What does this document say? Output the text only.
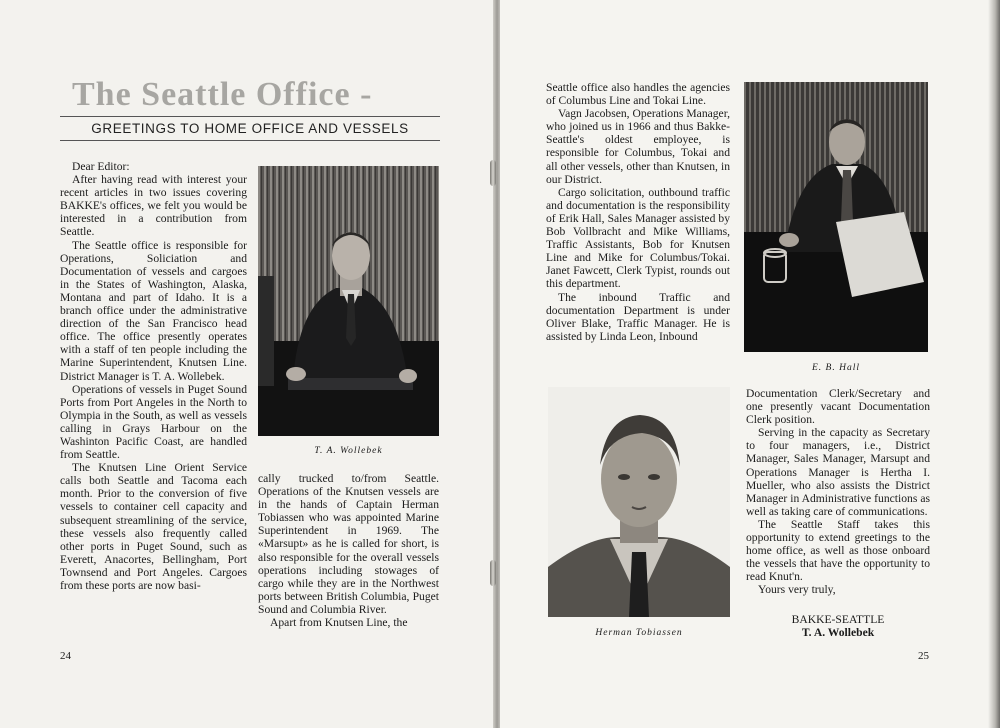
The Seattle Office -
GREETINGS TO HOME OFFICE AND VESSELS

Dear Editor:

After having read with interest your recent articles in two issues covering BAKKE's offices, we felt you would be interested in a contribution from Seattle.

The Seattle office is responsible for Operations, Soliciation and Documentation of vessels and cargoes in the States of Washington, Alaska, Montana and part of Idaho. It is a branch office under the administrative direction of the San Francisco head office. The office presently operates with a staff of ten people including the Marine Superintendent, Knutsen Line. District Manager is T. A. Wollebek.

Operations of vessels in Puget Sound Ports from Port Angeles in the North to Olympia in the South, as well as vessels calling in Grays Harbour on the Washinton Pacific Coast, are handled from Seattle.

The Knutsen Line Orient Service calls both Seattle and Tacoma each month. Prior to the conversion of five vessels to container cell capacity and subsequent streamlining of the service, these vessels also frequently called other ports in Puget Sound, such as Everett, Anacortes, Bellingham, Port Townsend and Port Angeles. Cargoes from these ports are now basi-

T. A. Wollebek

cally trucked to/from Seattle. Operations of the Knutsen vessels are in the hands of Captain Herman Tobiassen who was appointed Marine Superintendent in 1969. The «Marsupt» as he is called for short, is also responsible for the overall vessels operations including stowages of cargo while they are in the Northwest ports between British Columbia, Puget Sound and Columbia River.

Apart from Knutsen Line, the

24

Seattle office also handles the agencies of Columbus Line and Tokai Line.

Vagn Jacobsen, Operations Manager, who joined us in 1966 and thus Bakke-Seattle's oldest employee, is responsible for Columbus, Tokai and all other vessels, other than Knutsen, in our District.

Cargo solicitation, outhbound traffic and documentation is the responsibility of Erik Hall, Sales Manager assisted by Bob Vollbracht and Mike Williams, Traffic Assistants, Bob for Knutsen Line and Mike for Columbus/Tokai. Janet Fawcett, Clerk Typist, rounds out this department.

The inbound Traffic and documentation Department is under Oliver Blake, Traffic Manager. He is assisted by Linda Leon, Inbound

E. B. Hall
Herman Tobiassen

Documentation Clerk/Secretary and one presently vacant Documentation Clerk position.

Serving in the capacity as Secretary to four managers, i.e., District Manager, Sales Manager, Marsupt and Operations Manager is Hertha I. Mueller, who also assists the District Manager in Administrative functions as well as taking care of communications.

The Seattle Staff takes this opportunity to extend greetings to the home office, as well as those onboard the vessels that have the opportunity to read Knut'n.

Yours very truly,

BAKKE-SEATTLE
T. A. Wollebek
25
